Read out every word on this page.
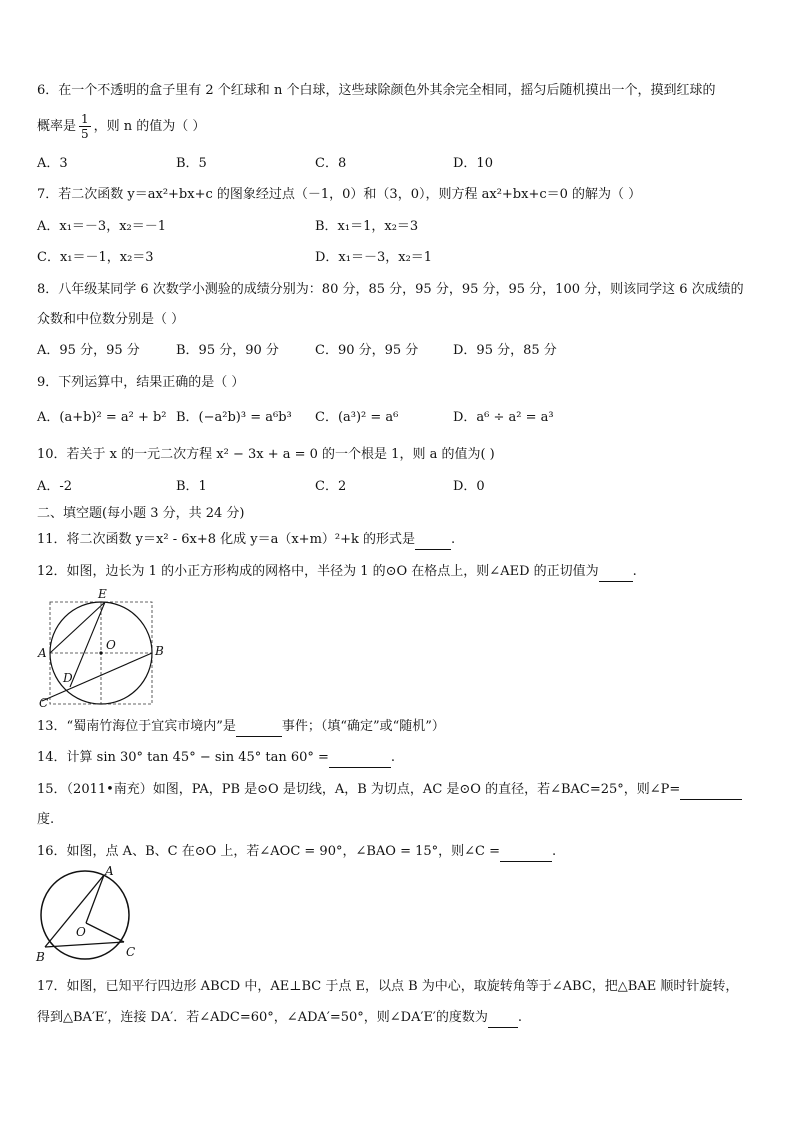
6．在一个不透明的盒子里有 2 个红球和 n 个白球，这些球除颜色外其余完全相同，摇匀后随机摸出一个，摸到红球的
概率是 $\frac{1}{5}$ ，则 n 的值为（ ）
A．3	B．5	C．8	D．10
7．若二次函数 y＝ax²+bx+c 的图象经过点（－1，0）和（3，0），则方程 ax²+bx+c＝0 的解为（ ）
A．x₁＝－3，x₂＝－1	B．x₁＝1，x₂＝3
C．x₁＝－1，x₂＝3	D．x₁＝－3，x₂＝1
8．八年级某同学 6 次数学小测验的成绩分别为：80 分，85 分，95 分，95 分，95 分，100 分，则该同学这 6 次成绩的
众数和中位数分别是（ ）
A．95 分，95 分	B．95 分，90 分	C．90 分，95 分	D．95 分，85 分
9．下列运算中，结果正确的是（ ）
A．(a+b)² = a² + b² B．(−a²b)³ = a⁶b³ C．(a³)² = a⁶	D．a⁶ ÷ a² = a³
10．若关于 x 的一元二次方程 x² − 3x + a = 0 的一个根是 1，则 a 的值为( )
A．-2	B．1	C．2	D．0
二、填空题(每小题 3 分，共 24 分)
11．将二次函数 y＝x² - 6x+8 化成 y＝a（x+m）²+k 的形式是	.
12．如图，边长为 1 的小正方形构成的网格中，半径为 1 的⊙O 在格点上，则∠AED 的正切值为	.
E
O
A	B
D
C
13．“蜀南竹海位于宜宾市境内”是	事件；（填“确定”或“随机”）
14．计算 sin 30° tan 45° − sin 45° tan 60° =	.
15．（2011•南充）如图，PA，PB 是⊙O 是切线，A，B 为切点，AC 是⊙O 的直径，若∠BAC=25°，则∠P=
度.
16．如图，点 A、B、C 在⊙O 上，若∠AOC = 90°，∠BAO = 15°，则∠C =	.
A
O
B	C
17．如图，已知平行四边形 ABCD 中，AE⊥BC 于点 E，以点 B 为中心，取旋转角等于∠ABC，把△BAE 顺时针旋转，
得到△BA′E′，连接 DA′．若∠ADC=60°，∠ADA′=50°，则∠DA′E′的度数为 .
